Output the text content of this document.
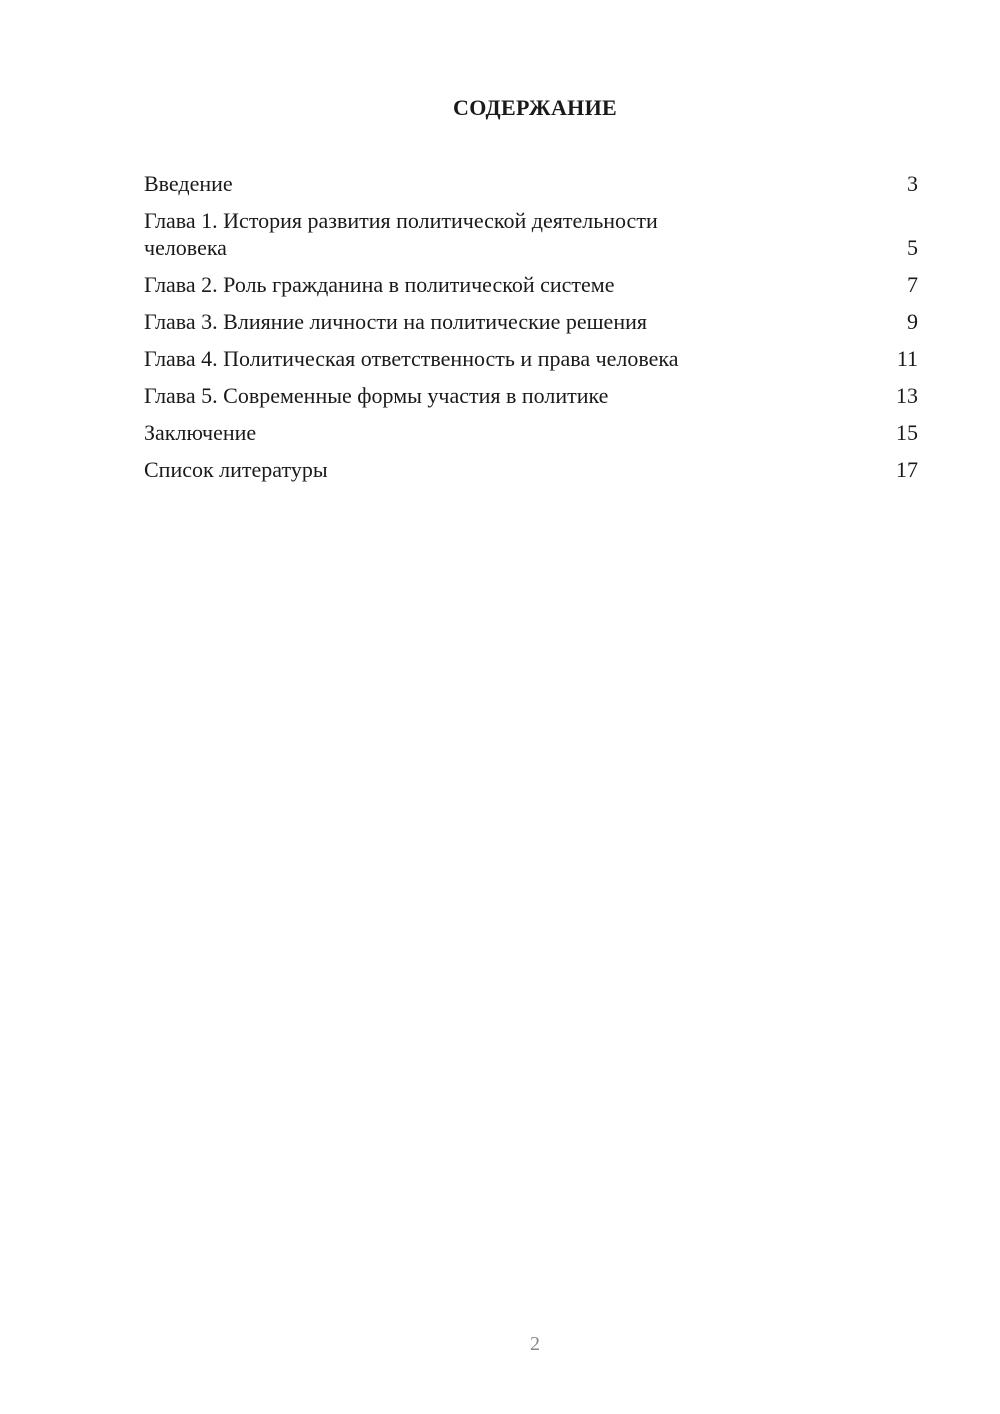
СОДЕРЖАНИЕ
Введение	3
Глава 1. История развития политической деятельности человека	5
Глава 2. Роль гражданина в политической системе	7
Глава 3. Влияние личности на политические решения	9
Глава 4. Политическая ответственность и права человека	11
Глава 5. Современные формы участия в политике	13
Заключение	15
Список литературы	17
2
